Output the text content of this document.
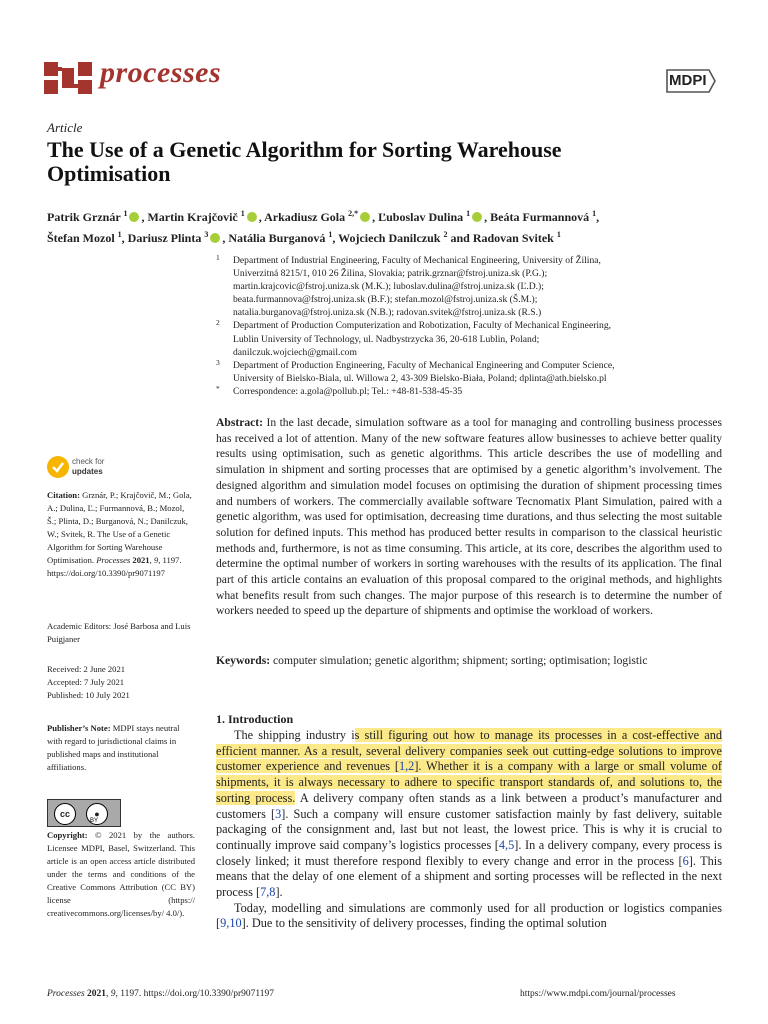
processes	MDPI
Article
The Use of a Genetic Algorithm for Sorting Warehouse Optimisation
Patrik Grznár $^1$ , Martin Krajčovič $^1$ , Arkadiusz Gola $^{2,*}$ , Ľuboslav Dulina $^1$ , Beáta Furmannová $^1$,
Štefan Mozol $^1$, Dariusz Plinta $^3$ , Natália Burganová $^1$, Wojciech Danilczuk $^2$ and Radovan Svitek $^1$
1 Department of Industrial Engineering, Faculty of Mechanical Engineering, University of Žilina,
Univerzitná 8215/1, 010 26 Žilina, Slovakia; patrik.grznar@fstroj.uniza.sk (P.G.);
martin.krajcovic@fstroj.uniza.sk (M.K.); luboslav.dulina@fstroj.uniza.sk (Ľ.D.);
beata.furmannova@fstroj.uniza.sk (B.F.); stefan.mozol@fstroj.uniza.sk (Š.M.);
natalia.burganova@fstroj.uniza.sk (N.B.); radovan.svitek@fstroj.uniza.sk (R.S.)
2 Department of Production Computerization and Robotization, Faculty of Mechanical Engineering,
Lublin University of Technology, ul. Nadbystrzycka 36, 20-618 Lublin, Poland;
danilczuk.wojciech@gmail.com
3 Department of Production Engineering, Faculty of Mechanical Engineering and Computer Science,
University of Bielsko-Biala, ul. Willowa 2, 43-309 Bielsko-Biała, Poland; dplinta@ath.bielsko.pl
* Correspondence: a.gola@pollub.pl; Tel.: +48-81-538-45-35
Abstract: In the last decade, simulation software as a tool for managing and controlling business processes has received a lot of attention. Many of the new software features allow businesses to achieve better quality results using optimisation, such as genetic algorithms. This article describes the use of modelling and simulation in shipment and sorting processes that are optimised by a genetic algorithm’s involvement. The designed algorithm and simulation model focuses on optimising the duration of shipment processing times and numbers of workers. The commercially available software Tecnomatix Plant Simulation, paired with a genetic algorithm, was used for optimisation, decreasing time durations, and thus selecting the most suitable solution for defined inputs. This method has produced better results in comparison to the classical heuristic methods and, furthermore, is not as time consuming. This article, at its core, describes the algorithm used to determine the optimal number of workers in sorting warehouses with the results of its application. The final part of this article contains an evaluation of this proposal compared to the original methods, and highlights what benefits result from such changes. The major purpose of this research is to determine the number of workers needed to speed up the departure of shipments and optimise the workload of workers.
Keywords: computer simulation; genetic algorithm; shipment; sorting; optimisation; logistic
check for
updates
Citation: Grznár, P.; Krajčovič, M.; Gola, A.; Dulina, Ľ.; Furmannová, B.; Mozol, Š.; Plinta, D.; Burganová, N.; Danilczuk, W.; Svitek, R. The Use of a Genetic Algorithm for Sorting Warehouse Optimisation. Processes 2021, 9, 1197. https://doi.org/10.3390/pr9071197
Academic Editors: José Barbosa and Luis Puigjaner
Received: 2 June 2021
Accepted: 7 July 2021
Published: 10 July 2021
Publisher’s Note: MDPI stays neutral with regard to jurisdictional claims in published maps and institutional affiliations.
cc	●
BY
Copyright: © 2021 by the authors. Licensee MDPI, Basel, Switzerland. This article is an open access article distributed under the terms and conditions of the Creative Commons Attribution (CC BY) license (https:// creativecommons.org/licenses/by/ 4.0/).
1. Introduction

The shipping industry is still figuring out how to manage its processes in a cost-effective and efficient manner. As a result, several delivery companies seek out cutting-edge solutions to improve customer experience and revenues [1,2]. Whether it is a company with a large or small volume of shipments, it is always necessary to adhere to specific transport standards of, and solutions to, the sorting process. A delivery company often stands as a link between a product’s manufacturer and customers [3]. Such a company will ensure customer satisfaction mainly by fast delivery, suitable packaging of the consignment and, last but not least, the lowest price. This is why it is crucial to continually improve said company’s logistics processes [4,5]. In a delivery company, every process is closely linked; it must therefore respond flexibly to every change and error in the process [6]. This means that the delay of one element of a shipment and sorting processes will be reflected in the next process [7,8].

Today, modelling and simulations are commonly used for all production or logistics companies [9,10]. Due to the sensitivity of delivery processes, finding the optimal solution

Processes 2021, 9, 1197. https://doi.org/10.3390/pr9071197	https://www.mdpi.com/journal/processes
